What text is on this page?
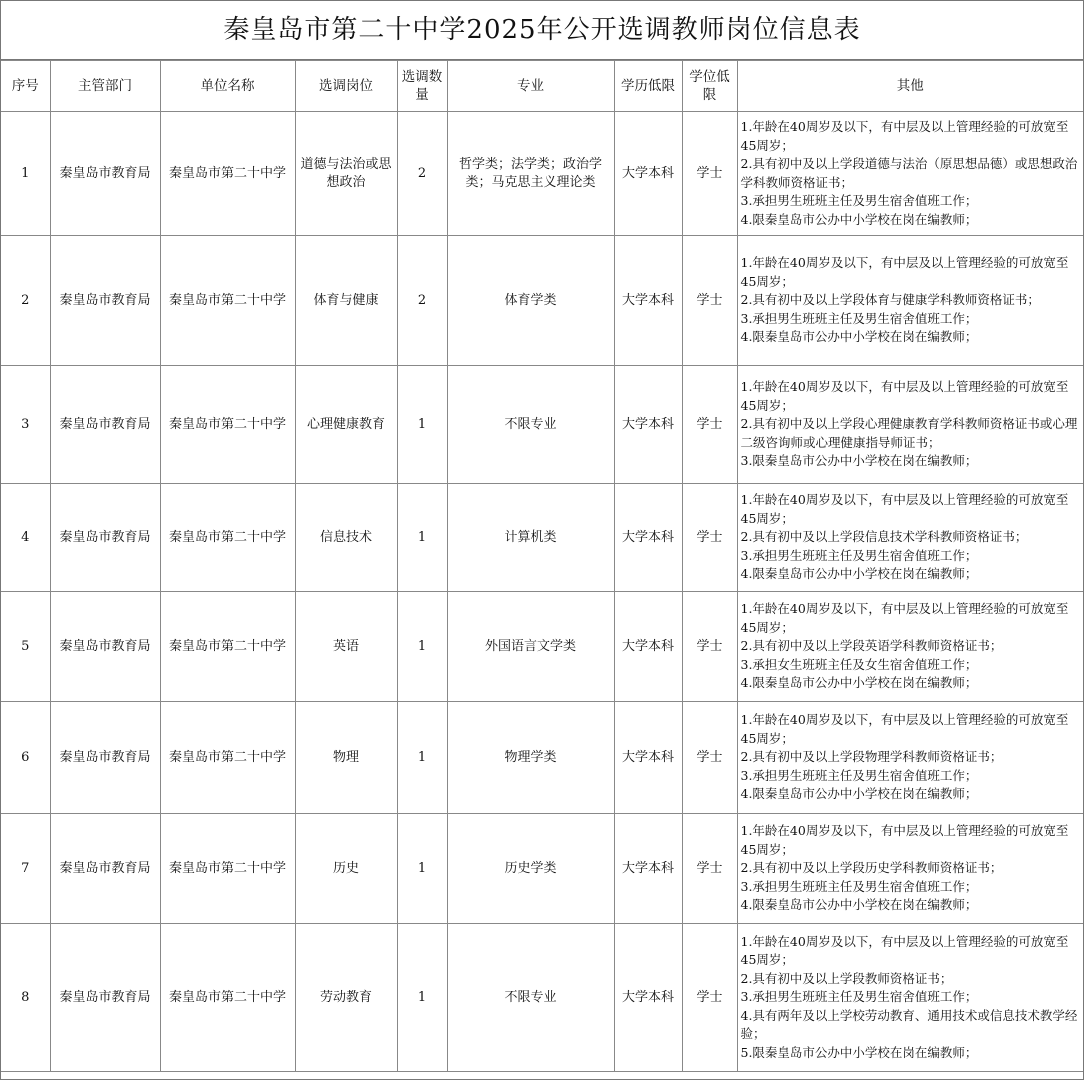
秦皇岛市第二十中学2025年公开选调教师岗位信息表
序号	主管部门	单位名称	选调岗位	选调数量	专业	学历低限	学位低限	其他
1	秦皇岛市教育局	秦皇岛市第二十中学	道德与法治或思想政治	2	哲学类；法学类；政治学类；马克思主义理论类	大学本科	学士	1.年龄在40周岁及以下，有中层及以上管理经验的可放宽至45周岁；
2.具有初中及以上学段道德与法治（原思想品德）或思想政治学科教师资格证书；
3.承担男生班班主任及男生宿舍值班工作；
4.限秦皇岛市公办中小学校在岗在编教师；

2	秦皇岛市教育局	秦皇岛市第二十中学	体育与健康	2	体育学类	大学本科	学士	1.年龄在40周岁及以下，有中层及以上管理经验的可放宽至45周岁；
2.具有初中及以上学段体育与健康学科教师资格证书；
3.承担男生班班主任及男生宿舍值班工作；
4.限秦皇岛市公办中小学校在岗在编教师；

3	秦皇岛市教育局	秦皇岛市第二十中学	心理健康教育	1	不限专业	大学本科	学士	1.年龄在40周岁及以下，有中层及以上管理经验的可放宽至45周岁；
2.具有初中及以上学段心理健康教育学科教师资格证书或心理二级咨询师或心理健康指导师证书；
3.限秦皇岛市公办中小学校在岗在编教师；

4	秦皇岛市教育局	秦皇岛市第二十中学	信息技术	1	计算机类	大学本科	学士	1.年龄在40周岁及以下，有中层及以上管理经验的可放宽至45周岁；
2.具有初中及以上学段信息技术学科教师资格证书；
3.承担男生班班主任及男生宿舍值班工作；
4.限秦皇岛市公办中小学校在岗在编教师；

5	秦皇岛市教育局	秦皇岛市第二十中学	英语	1	外国语言文学类	大学本科	学士	1.年龄在40周岁及以下，有中层及以上管理经验的可放宽至45周岁；
2.具有初中及以上学段英语学科教师资格证书；
3.承担女生班班主任及女生宿舍值班工作；
4.限秦皇岛市公办中小学校在岗在编教师；

6	秦皇岛市教育局	秦皇岛市第二十中学	物理	1	物理学类	大学本科	学士	1.年龄在40周岁及以下，有中层及以上管理经验的可放宽至45周岁；
2.具有初中及以上学段物理学科教师资格证书；
3.承担男生班班主任及男生宿舍值班工作；
4.限秦皇岛市公办中小学校在岗在编教师；

7	秦皇岛市教育局	秦皇岛市第二十中学	历史	1	历史学类	大学本科	学士	1.年龄在40周岁及以下，有中层及以上管理经验的可放宽至45周岁；
2.具有初中及以上学段历史学科教师资格证书；
3.承担男生班班主任及男生宿舍值班工作；
4.限秦皇岛市公办中小学校在岗在编教师；

8	秦皇岛市教育局	秦皇岛市第二十中学	劳动教育	1	不限专业	大学本科	学士	1.年龄在40周岁及以下，有中层及以上管理经验的可放宽至45周岁；
2.具有初中及以上学段教师资格证书；
3.承担男生班班主任及男生宿舍值班工作；
4.具有两年及以上学校劳动教育、通用技术或信息技术教学经验；
5.限秦皇岛市公办中小学校在岗在编教师；
